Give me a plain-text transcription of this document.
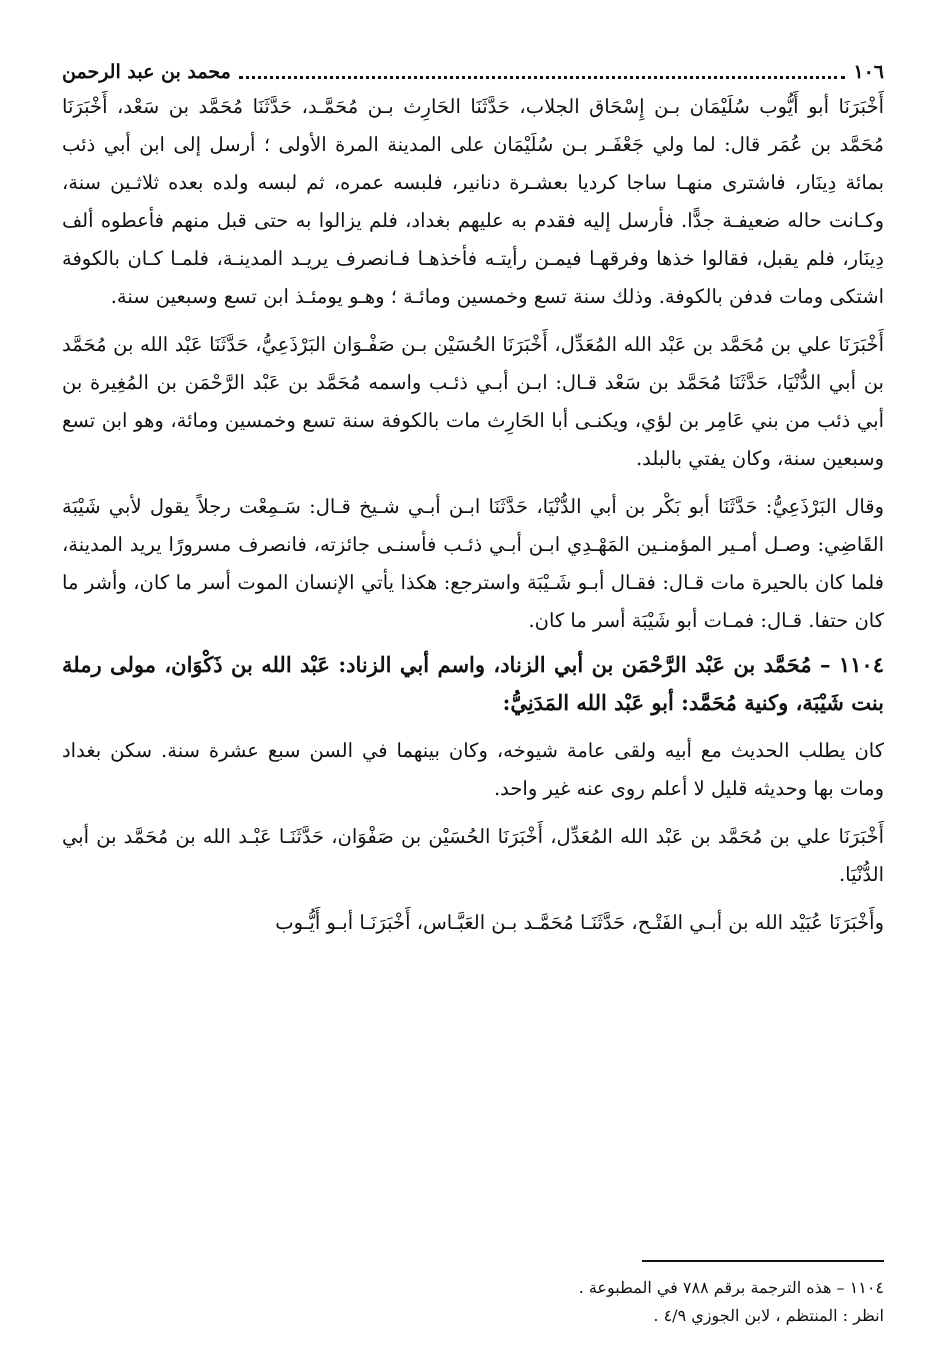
١٠٦
محمد بن عبد الرحمن

أَخْبَرَنَا أبو أَيُّوب سُلَيْمَان بـن إِسْحَاق الجلاب، حَدَّثَنَا الحَارِث بـن مُحَمَّـد، حَدَّثَنَا مُحَمَّد بن سَعْد، أَخْبَرَنَا مُحَمَّد بن عُمَر قال: لما ولي جَعْفَـر بـن سُلَيْمَان على المدينة المرة الأولى ؛ أرسل إلى ابن أبي ذئب بمائة دِينَار، فاشترى منهـا ساجا كرديا بعشـرة دنانير، فلبسه عمره، ثم لبسه ولده بعده ثلاثـين سنة، وكـانت حاله ضعيفـة جدًّا. فأرسل إليه فقدم به عليهم بغداد، فلم يزالوا به حتى قبل منهم فأعطوه ألف دِينَار، فلم يقبل، فقالوا خذها وفرقهـا فيمـن رأيتـه فأخذهـا فـانصرف يريـد المدينـة، فلمـا كـان بالكوفة اشتكى ومات فدفن بالكوفة. وذلك سنة تسع وخمسين ومائـة ؛ وهـو يومئـذ ابن تسع وسبعين سنة.

أَخْبَرَنَا علي بن مُحَمَّد بن عَبْد الله المُعَدِّل، أَخْبَرَنَا الحُسَيْن بـن صَفْـوَان البَرْذَعِيُّ، حَدَّثَنَا عَبْد الله بن مُحَمَّد بن أبي الدُّنْيَا، حَدَّثَنَا مُحَمَّد بن سَعْد قـال: ابـن أبـي ذئـب واسمه مُحَمَّد بن عَبْد الرَّحْمَن بن المُغِيرة بن أبي ذئب من بني عَامِر بن لؤي، ويكنـى أبا الحَارِث مات بالكوفة سنة تسع وخمسين ومائة، وهو ابن تسع وسبعين سنة، وكان يفتي بالبلد.

وقال البَرْذَعِيُّ: حَدَّثَنَا أبو بَكْر بن أبي الدُّنْيَا، حَدَّثَنَا ابـن أبـي شـيخ قـال: سَـمِعْت رجلاً يقول لأبي شَيْبَة القَاضِي: وصـل أمـير المؤمنـين المَهْـدِي ابـن أبـي ذئـب فأسنـى جائزته، فانصرف مسرورًا يريد المدينة، فلما كان بالحيرة مات قـال: فقـال أبـو شَـيْبَة واسترجع: هكذا يأتي الإنسان الموت أسر ما كان، وأشر ما كان حتفا. قـال: فمـات أبو شَيْبَة أسر ما كان.

١١٠٤ – مُحَمَّد بن عَبْد الرَّحْمَن بن أبي الزناد، واسم أبي الزناد: عَبْد الله بن ذَكْوَان، مولى رملة بنت شَيْبَة، وكنية مُحَمَّد: أبو عَبْد الله المَدَنِيُّ:

كان يطلب الحديث مع أبيه ولقى عامة شيوخه، وكان بينهما في السن سبع عشرة سنة. سكن بغداد ومات بها وحديثه قليل لا أعلم روى عنه غير واحد.

أَخْبَرَنَا علي بن مُحَمَّد بن عَبْد الله المُعَدِّل، أَخْبَرَنَا الحُسَيْن بن صَفْوَان، حَدَّثَنَـا عَبْـد الله بن مُحَمَّد بن أبي الدُّنْيَا.

وأَخْبَرَنَا عُبَيْد الله بن أبـي الفَتْـح، حَدَّثَنَـا مُحَمَّـد بـن العَبَّـاس، أَخْبَرَنَـا أبـو أَيُّـوب

١١٠٤ – هذه الترجمة برقم ٧٨٨ في المطبوعة .

انظر : المنتظم ، لابن الجوزي ٤/٩ .
